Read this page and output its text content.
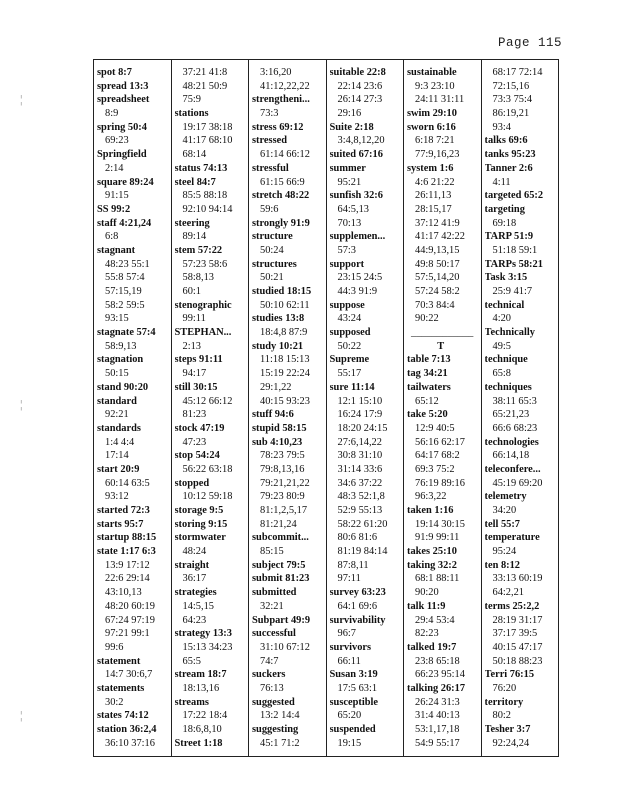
Page 115
¦
¦
¦
spot 8:7
spread 13:3
spreadsheet
8:9
spring 50:4
69:23
Springfield
2:14
square 89:24
91:15
SS 99:2
staff 4:21,24
6:8
stagnant
48:23 55:1
55:8 57:4
57:15,19
58:2 59:5
93:15
stagnate 57:4
58:9,13
stagnation
50:15
stand 90:20
standard
92:21
standards
1:4 4:4
17:14
start 20:9
60:14 63:5
93:12
started 72:3
starts 95:7
startup 88:15
state 1:17 6:3
13:9 17:12
22:6 29:14
43:10,13
48:20 60:19
67:24 97:19
97:21 99:1
99:6
statement
14:7 30:6,7
statements
30:2
states 74:12
station 36:2,4
36:10 37:16
37:21 41:8
48:21 50:9
75:9
stations
19:17 38:18
41:17 68:10
68:14
status 74:13
steel 84:7
85:5 88:18
92:10 94:14
steering
89:14
stem 57:22
57:23 58:6
58:8,13
60:1
stenographic
99:11
STEPHAN...
2:13
steps 91:11
94:17
still 30:15
45:12 66:12
81:23
stock 47:19
47:23
stop 54:24
56:22 63:18
stopped
10:12 59:18
storage 9:5
storing 9:15
stormwater
48:24
straight
36:17
strategies
14:5,15
64:23
strategy 13:3
15:13 34:23
65:5
stream 18:7
18:13,16
streams
17:22 18:4
18:6,8,10
Street 1:18
3:16,20
41:12,22,22
strengtheni...
73:3
stress 69:12
stressed
61:14 66:12
stressful
61:15 66:9
stretch 48:22
59:6
strongly 91:9
structure
50:24
structures
50:21
studied 18:15
50:10 62:11
studies 13:8
18:4,8 87:9
study 10:21
11:18 15:13
15:19 22:24
29:1,22
40:15 93:23
stuff 94:6
stupid 58:15
sub 4:10,23
78:23 79:5
79:8,13,16
79:21,21,22
79:23 80:9
81:1,2,5,17
81:21,24
subcommit...
85:15
subject 79:5
submit 81:23
submitted
32:21
Subpart 49:9
successful
31:10 67:12
74:7
suckers
76:13
suggested
13:2 14:4
suggesting
45:1 71:2
suitable 22:8
22:14 23:6
26:14 27:3
29:16
Suite 2:18
3:4,8,12,20
suited 67:16
summer
95:21
sunfish 32:6
64:5,13
70:13
supplemen...
57:3
support
23:15 24:5
44:3 91:9
suppose
43:24
supposed
50:22
Supreme
55:17
sure 11:14
12:1 15:10
16:24 17:9
18:20 24:15
27:6,14,22
30:8 31:10
31:14 33:6
34:6 37:22
48:3 52:1,8
52:9 55:13
58:22 61:20
80:6 81:6
81:19 84:14
87:8,11
97:11
survey 63:23
64:1 69:6
survivability
96:7
survivors
66:11
Susan 3:19
17:5 63:1
susceptible
65:20
suspended
19:15
sustainable
9:3 23:10
24:11 31:11
swim 29:10
sworn 6:16
6:18 7:21
77:9,16,23
system 1:6
4:6 21:22
26:11,13
28:15,17
37:12 41:9
41:17 42:22
44:9,13,15
49:8 50:17
57:5,14,20
57:24 58:2
70:3 84:4
90:22
____________
T
table 7:13
tag 34:21
tailwaters
65:12
take 5:20
12:9 40:5
56:16 62:17
64:17 68:2
69:3 75:2
76:19 89:16
96:3,22
taken 1:16
19:14 30:15
91:9 99:11
takes 25:10
taking 32:2
68:1 88:11
90:20
talk 11:9
29:4 53:4
82:23
talked 19:7
23:8 65:18
66:23 95:14
talking 26:17
26:24 31:3
31:4 40:13
53:1,17,18
54:9 55:17
68:17 72:14
72:15,16
73:3 75:4
86:19,21
93:4
talks 69:6
tanks 95:23
Tanner 2:6
4:11
targeted 65:2
targeting
69:18
TARP 51:9
51:18 59:1
TARPs 58:21
Task 3:15
25:9 41:7
technical
4:20
Technically
49:5
technique
65:8
techniques
38:11 65:3
65:21,23
66:6 68:23
technologies
66:14,18
teleconfere...
45:19 69:20
telemetry
34:20
tell 55:7
temperature
95:24
ten 8:12
33:13 60:19
64:2,21
terms 25:2,2
28:19 31:17
37:17 39:5
40:15 47:17
50:18 88:23
Terri 76:15
76:20
territory
80:2
Tesher 3:7
92:24,24
